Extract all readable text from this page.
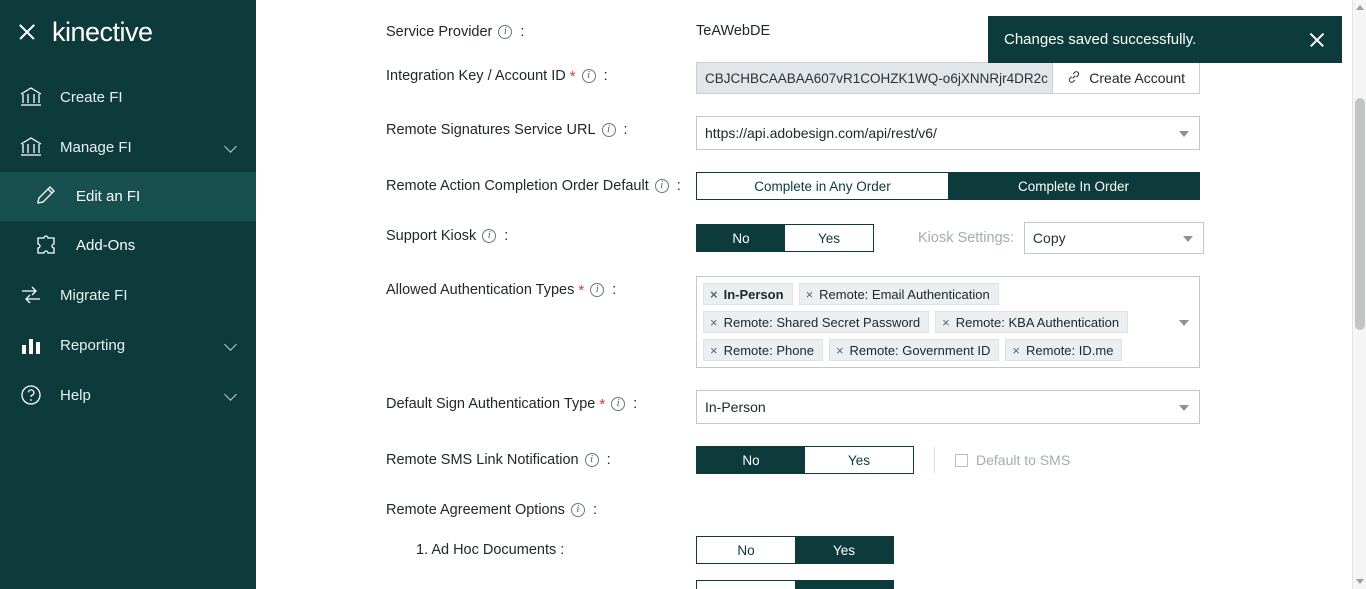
kinective
Create FI
Manage FI
Edit an FI
Add-Ons
Migrate FI
Reporting
Help
Service Provider	i :	TeAWebDE
Integration Key / Account ID *	i :	CBJCHBCAABAA607vR1COHZK1WQ-o6jXNNRjr4DR2c	Create Account
Remote Signatures Service URL	i :	https://api.adobesign.com/api/rest/v6/
Remote Action Completion Order Default	i :	Complete in Any Order	Complete In Order
Support Kiosk	i :	No	Yes	Kiosk Settings: Copy
Allowed Authentication Types *	i :	× In-Person × Remote: Email Authentication
× Remote: Shared Secret Password × Remote: KBA Authentication
× Remote: Phone × Remote: Government ID × Remote: ID.me
Default Sign Authentication Type *	i :	In-Person
Remote SMS Link Notification	i :	No	Yes	Default to SMS
Remote Agreement Options	i :
1. Ad Hoc Documents :	No	Yes
Changes saved successfully.
